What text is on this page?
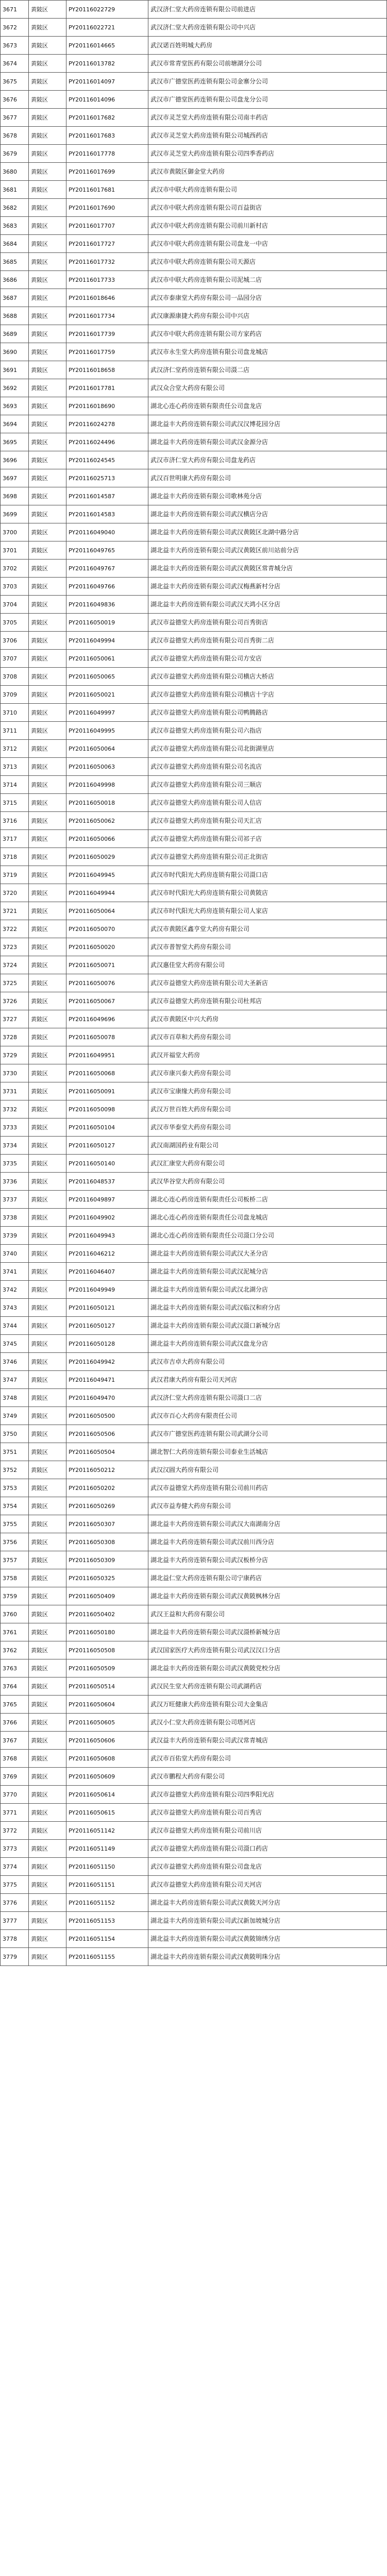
3671	黄陂区	PY20116022729	武汉济仁堂大药房连锁有限公司前进店
3672	黄陂区	PY20116022721	武汉济仁堂大药房连锁有限公司中兴店
3673	黄陂区	PY20116014665	武汉诺百姓明城大药房
3674	黄陂区	PY20116013782	武汉市常青堂医药有限公司前塘湖分公司
3675	黄陂区	PY20116014097	武汉市广德堂医药连锁有限公司金寨分公司
3676	黄陂区	PY20116014096	武汉市广德堂医药连锁有限公司盘龙分公司
3677	黄陂区	PY20116017682	武汉市灵芝堂大药房连锁有限公司南丰药店
3678	黄陂区	PY20116017683	武汉市灵芝堂大药房连锁有限公司城西药店
3679	黄陂区	PY20116017778	武汉市灵芝堂大药房连锁有限公司四季香药店
3680	黄陂区	PY20116017699	武汉市黄陂区御金堂大药房
3681	黄陂区	PY20116017681	武汉市中联大药房连锁有限公司
3682	黄陂区	PY20116017690	武汉市中联大药房连锁有限公司百益街店
3683	黄陂区	PY20116017707	武汉市中联大药房连锁有限公司前川新村店
3684	黄陂区	PY20116017727	武汉市中联大药房连锁有限公司盘龙一中店
3685	黄陂区	PY20116017732	武汉市中联大药房连锁有限公司天源店
3686	黄陂区	PY20116017733	武汉市中联大药房连锁有限公司泥城二店
3687	黄陂区	PY20116018646	武汉市泰康堂大药房有限公司一品园分店
3688	黄陂区	PY20116017734	武汉康源康捷大药房有限公司中兴店
3689	黄陂区	PY20116017739	武汉市中联大药房连锁有限公司方家药店
3690	黄陂区	PY20116017759	武汉市永生堂大药房连锁有限公司盘龙城店
3691	黄陂区	PY20116018658	武汉济仁堂药房连锁有限公司滠二店
3692	黄陂区	PY20116017781	武汉众合堂大药房有限公司
3693	黄陂区	PY20116018690	湖北心连心药房连锁有限责任公司盘龙店
3694	黄陂区	PY20116024278	湖北益丰大药房连锁有限公司武汉汉博花园分店
3695	黄陂区	PY20116024496	湖北益丰大药房连锁有限公司武汉金源分店
3696	黄陂区	PY20116024545	武汉市济仁堂大药房有限公司盘龙药店
3697	黄陂区	PY20116025713	武汉百世明康大药房有限公司
3698	黄陂区	PY20116014587	湖北益丰大药房连锁有限公司歌林苑分店
3699	黄陂区	PY20116014583	湖北益丰大药房连锁有限公司武汉横店分店
3700	黄陂区	PY20116049040	湖北益丰大药房连锁有限公司武汉黄陂区北湖中路分店
3701	黄陂区	PY20116049765	湖北益丰大药房连锁有限公司武汉黄陂区前川站前分店
3702	黄陂区	PY20116049767	湖北益丰大药房连锁有限公司武汉黄陂区常青城分店
3703	黄陂区	PY20116049766	湖北益丰大药房连锁有限公司武汉梅燕新村分店
3704	黄陂区	PY20116049836	湖北益丰大药房连锁有限公司武汉天鸿小区分店
3705	黄陂区	PY20116050019	武汉市益德堂大药房连锁有限公司百秀街店
3706	黄陂区	PY20116049994	武汉市益德堂大药房连锁有限公司百秀街二店
3707	黄陂区	PY20116050061	武汉市益德堂大药房连锁有限公司方安店
3708	黄陂区	PY20116050065	武汉市益德堂大药房连锁有限公司横店大桥店
3709	黄陂区	PY20116050021	武汉市益德堂大药房连锁有限公司横店十字店
3710	黄陂区	PY20116049997	武汉市益德堂大药房连锁有限公司鸭腾路店
3711	黄陂区	PY20116049995	武汉市益德堂大药房连锁有限公司六指店
3712	黄陂区	PY20116050064	武汉市益德堂大药房连锁有限公司北街湖里店
3713	黄陂区	PY20116050063	武汉市益德堂大药房连锁有限公司名流店
3714	黄陂区	PY20116049998	武汉市益德堂大药房连锁有限公司三顺店
3715	黄陂区	PY20116050018	武汉市益德堂大药房连锁有限公司人信店
3716	黄陂区	PY20116050062	武汉市益德堂大药房连锁有限公司天汇店
3717	黄陂区	PY20116050066	武汉市益德堂大药房连锁有限公司祁子店
3718	黄陂区	PY20116050029	武汉市益德堂大药房连锁有限公司正北街店
3719	黄陂区	PY20116049945	武汉市时代阳光大药房连锁有限公司滠口店
3720	黄陂区	PY20116049944	武汉市时代阳光大药房连锁有限公司黄陂店
3721	黄陂区	PY20116050064	武汉市时代阳光大药房连锁有限公司人家店
3722	黄陂区	PY20116050070	武汉市黄陂区鑫亨堂大药房有限公司
3723	黄陂区	PY20116050020	武汉市普智堂大药房有限公司
3724	黄陂区	PY20116050071	武汉惠佳堂大药房有限公司
3725	黄陂区	PY20116050076	武汉市益德堂大药房连锁有限公司大圣新店
3726	黄陂区	PY20116050067	武汉市益德堂大药房连锁有限公司杜邦店
3727	黄陂区	PY20116049696	武汉市黄陂区中兴大药房
3728	黄陂区	PY20116050078	武汉市百草和大药房有限公司
3729	黄陂区	PY20116049951	武汉开福堂大药房
3730	黄陂区	PY20116050068	武汉市康兴泰大药房有限公司
3731	黄陂区	PY20116050091	武汉市宝康缘大药房有限公司
3732	黄陂区	PY20116050098	武汉万世百姓大药房有限公司
3733	黄陂区	PY20116050104	武汉市华泰堂大药房有限公司
3734	黄陂区	PY20116050127	武汉南湖国药业有限公司
3735	黄陂区	PY20116050140	武汉汇康堂大药房有限公司
3736	黄陂区	PY20116048537	武汉华谷堂大药房有限公司
3737	黄陂区	PY20116049897	湖北心连心药房连锁有限责任公司板桥二店
3738	黄陂区	PY20116049902	湖北心连心药房连锁有限责任公司盘龙城店
3739	黄陂区	PY20116049943	湖北心连心药房连锁有限责任公司滠口分公司
3740	黄陂区	PY20116046212	湖北益丰大药房连锁有限公司武汉大圣分店
3741	黄陂区	PY20116046407	湖北益丰大药房连锁有限公司武汉泥城分店
3742	黄陂区	PY20116049949	湖北益丰大药房连锁有限公司武汉北湖分店
3743	黄陂区	PY20116050121	湖北益丰大药房连锁有限公司武汉临汉和府分店
3744	黄陂区	PY20116050127	湖北益丰大药房连锁有限公司武汉滠口新城分店
3745	黄陂区	PY20116050128	湖北益丰大药房连锁有限公司武汉盘龙分店
3746	黄陂区	PY20116049942	武汉市吉卓大药房有限公司
3747	黄陂区	PY20116049471	武汉君康大药房有限公司天河店
3748	黄陂区	PY20116049470	武汉济仁堂大药房连锁有限公司滠口二店
3749	黄陂区	PY20116050500	武汉市百心大药房有限责任公司
3750	黄陂区	PY20116050506	武汉市广德堂医药连锁有限公司武湖分公司
3751	黄陂区	PY20116050504	湖北智仁大药房连锁有限公司泰业生活城店
3752	黄陂区	PY20116050212	武汉汉圆大药房有限公司
3753	黄陂区	PY20116050202	武汉市益德堂大药房连锁有限公司前川药店
3754	黄陂区	PY20116050269	武汉市益寿健大药房有限公司
3755	黄陂区	PY20116050307	湖北益丰大药房连锁有限公司武汉大南湖南分店
3756	黄陂区	PY20116050308	湖北益丰大药房连锁有限公司武汉前川西分店
3757	黄陂区	PY20116050309	湖北益丰大药房连锁有限公司武汉板桥分店
3758	黄陂区	PY20116050325	湖北益仁堂大药房连锁有限公司宁康药店
3759	黄陂区	PY20116050409	湖北益丰大药房连锁有限公司武汉黄陂枫林分店
3760	黄陂区	PY20116050402	武汉王益和大药房有限公司
3761	黄陂区	PY20116050180	湖北益丰大药房连锁有限公司武汉滠桥新城分店
3762	黄陂区	PY20116050508	武汉国家医疗大药房连锁有限公司武汉汉口分店
3763	黄陂区	PY20116050509	湖北益丰大药房连锁有限公司武汉黄陂党校分店
3764	黄陂区	PY20116050514	武汉民生堂大药房连锁有限公司武湖药店
3765	黄陂区	PY20116050604	武汉万旺健康大药房连锁有限公司大金集店
3766	黄陂区	PY20116050605	武汉小仁堂大药房连锁有限公司塔河店
3767	黄陂区	PY20116050606	武汉益丰大药房连锁有限公司武汉常青城店
3768	黄陂区	PY20116050608	武汉市百佑堂大药房有限公司
3769	黄陂区	PY20116050609	武汉市鹏程大药房有限公司
3770	黄陂区	PY20116050614	武汉市益德堂大药房连锁有限公司四季阳光店
3771	黄陂区	PY20116050615	武汉市益德堂大药房连锁有限公司百秀店
3772	黄陂区	PY20116051142	武汉市益德堂大药房连锁有限公司前川店
3773	黄陂区	PY20116051149	武汉市益德堂大药房连锁有限公司滠口药店
3774	黄陂区	PY20116051150	武汉市益德堂大药房连锁有限公司盘龙店
3775	黄陂区	PY20116051151	武汉市益德堂大药房连锁有限公司天河店
3776	黄陂区	PY20116051152	湖北益丰大药房连锁有限公司武汉黄陂天河分店
3777	黄陂区	PY20116051153	湖北益丰大药房连锁有限公司武汉新加坡城分店
3778	黄陂区	PY20116051154	湖北益丰大药房连锁有限公司武汉黄陂锦绣分店
3779	黄陂区	PY20116051155	湖北益丰大药房连锁有限公司武汉黄陂明珠分店
